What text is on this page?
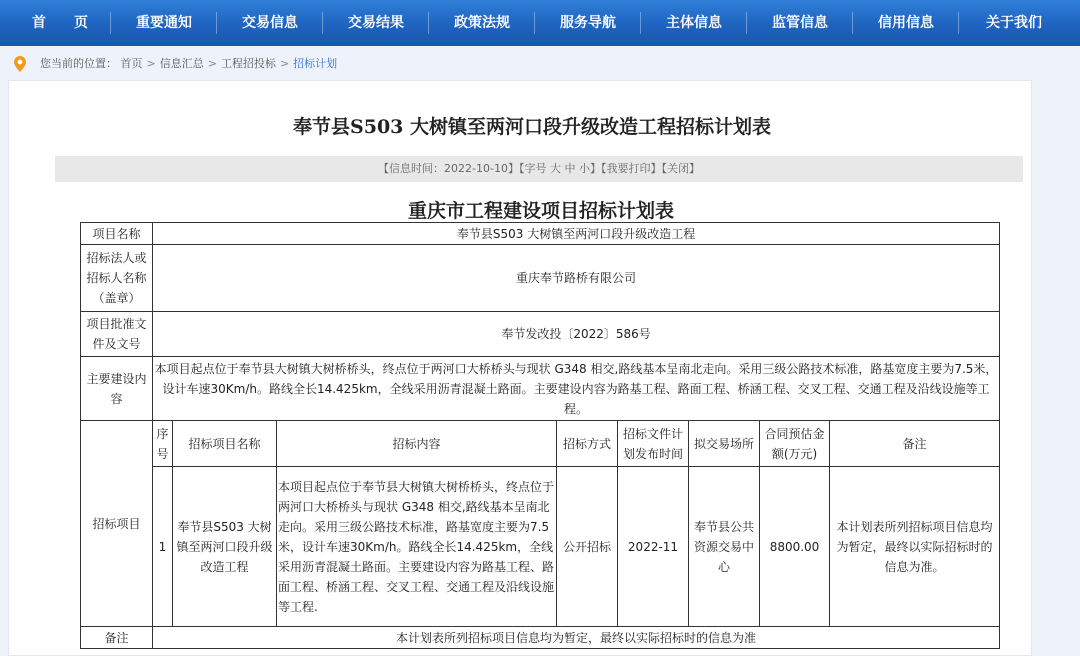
首　　页	重要通知	交易信息	交易结果	政策法规	服务导航	主体信息	监管信息	信用信息	关于我们
您当前的位置： 首页 > 信息汇总 > 工程招投标 > 招标计划
奉节县S503 大树镇至两河口段升级改造工程招标计划表
【信息时间：2022-10-10】【字号 大 中 小】【我要打印】【关闭】
重庆市工程建设项目招标计划表
项目名称	奉节县S503 大树镇至两河口段升级改造工程							
招标法人或招标人名称（盖章）	重庆奉节路桥有限公司							
项目批准文件及文号	奉节发改投〔2022〕586号							
主要建设内容	本项目起点位于奉节县大树镇大树桥桥头，终点位于两河口大桥桥头与现状 G348 相交,路线基本呈南北走向。采用三级公路技术标准，路基宽度主要为7.5米，设计车速30Km/h。路线全长14.425km，全线采用沥青混凝土路面。主要建设内容为路基工程、路面工程、桥涵工程、交叉工程、交通工程及沿线设施等工程。							
招标项目	序号	招标项目名称	招标内容	招标方式	招标文件计划发布时间	拟交易场所	合同预估金额(万元)	备注
	1	奉节县S503 大树镇至两河口段升级改造工程	本项目起点位于奉节县大树镇大树桥桥头，终点位于两河口大桥桥头与现状 G348 相交,路线基本呈南北走向。采用三级公路技术标准，路基宽度主要为7.5米，设计车速30Km/h。路线全长14.425km，全线采用沥青混凝土路面。主要建设内容为路基工程、路面工程、桥涵工程、交叉工程、交通工程及沿线设施等工程.	公开招标	2022-11	奉节县公共资源交易中心	8800.00	本计划表所列招标项目信息均为暂定，最终以实际招标时的信息为准。
备注	本计划表所列招标项目信息均为暂定，最终以实际招标时的信息为准							
